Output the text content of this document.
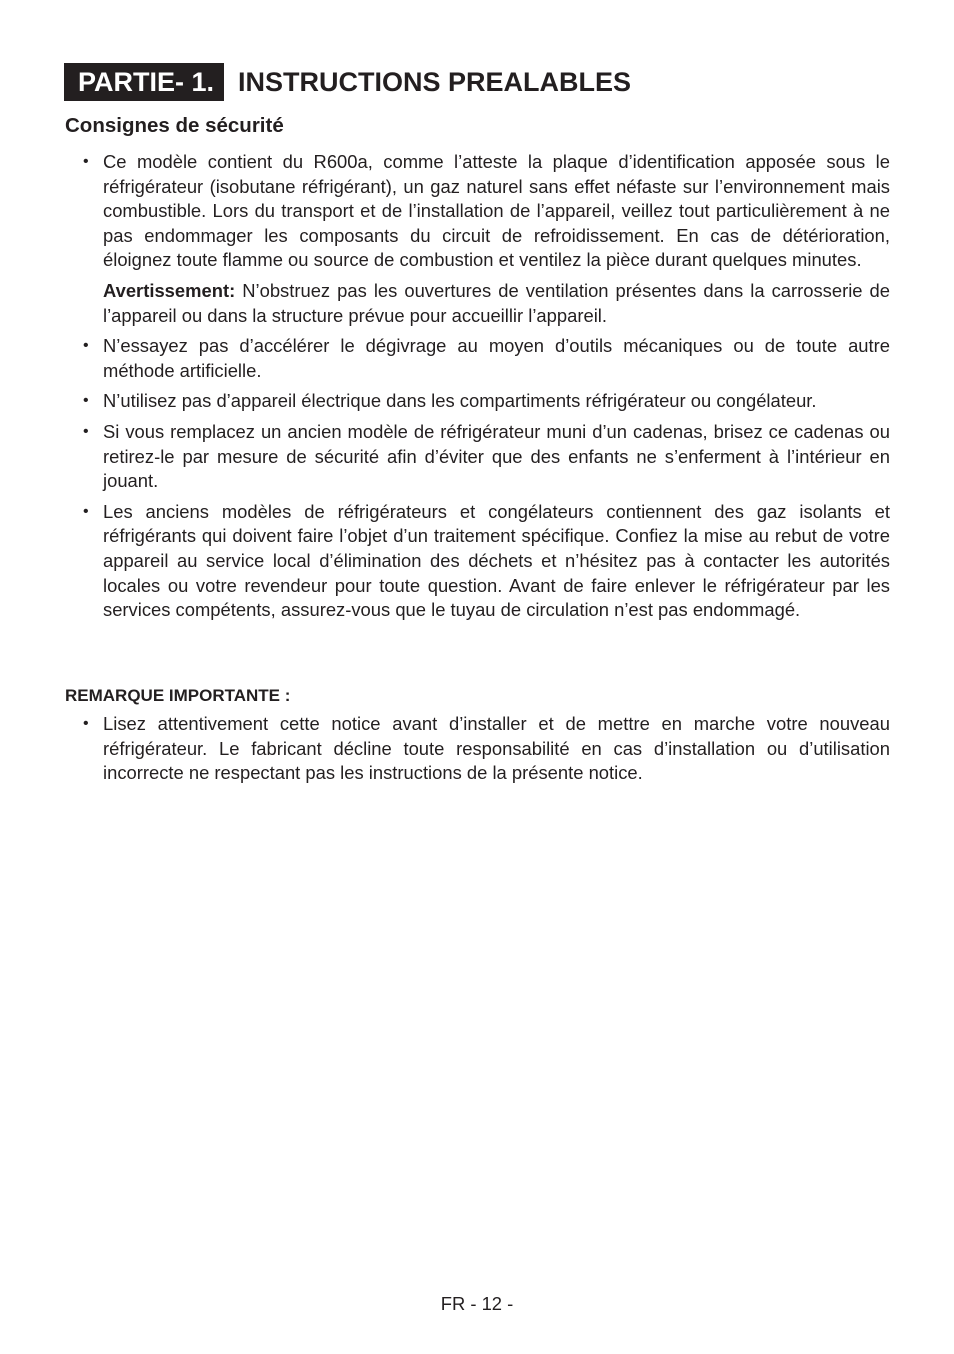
PARTIE- 1. INSTRUCTIONS PREALABLES
Consignes de sécurité
• Ce modèle contient du R600a, comme l’atteste la plaque d’identification apposée sous le réfrigérateur (isobutane réfrigérant), un gaz naturel sans effet néfaste sur l’environnement mais combustible. Lors du transport et de l’installation de l’appareil, veillez tout particulièrement à ne pas endommager les composants du circuit de refroidissement. En cas de détérioration, éloignez toute flamme ou source de combustion et ventilez la pièce durant quelques minutes.

Avertissement: N’obstruez pas les ouvertures de ventilation présentes dans la carrosserie de l’appareil ou dans la structure prévue pour accueillir l’appareil.

• N’essayez pas d’accélérer le dégivrage au moyen d’outils mécaniques ou de toute autre méthode artificielle.

• N’utilisez pas d’appareil électrique dans les compartiments réfrigérateur ou congélateur.

• Si vous remplacez un ancien modèle de réfrigérateur muni d’un cadenas, brisez ce cadenas ou retirez-le par mesure de sécurité afin d’éviter que des enfants ne s’enferment à l’intérieur en jouant.

• Les anciens modèles de réfrigérateurs et congélateurs contiennent des gaz isolants et réfrigérants qui doivent faire l’objet d’un traitement spécifique. Confiez la mise au rebut de votre appareil au service local d’élimination des déchets et n’hésitez pas à contacter les autorités locales ou votre revendeur pour toute question. Avant de faire enlever le réfrigérateur par les services compétents, assurez-vous que le tuyau de circulation n’est pas endommagé.

REMARQUE IMPORTANTE :
• Lisez attentivement cette notice avant d’installer et de mettre en marche votre nouveau réfrigérateur. Le fabricant décline toute responsabilité en cas d’installation ou d’utilisation incorrecte ne respectant pas les instructions de la présente notice.

FR - 12 -
